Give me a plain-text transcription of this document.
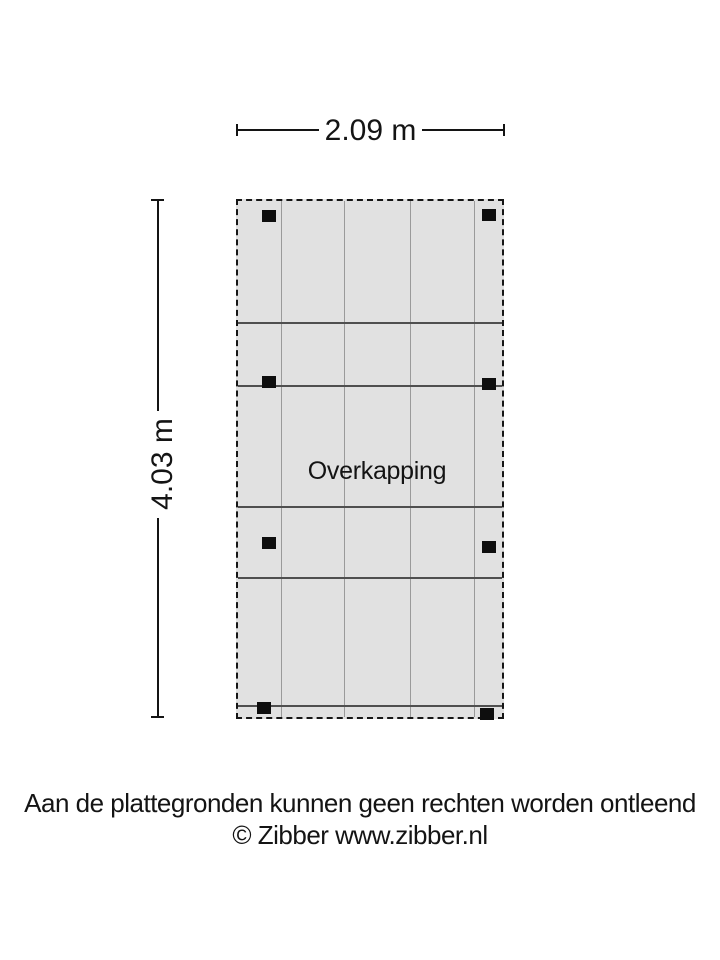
2.09 m
4.03 m	Overkapping
Aan de plattegronden kunnen geen rechten worden ontleend
© Zibber www.zibber.nl
